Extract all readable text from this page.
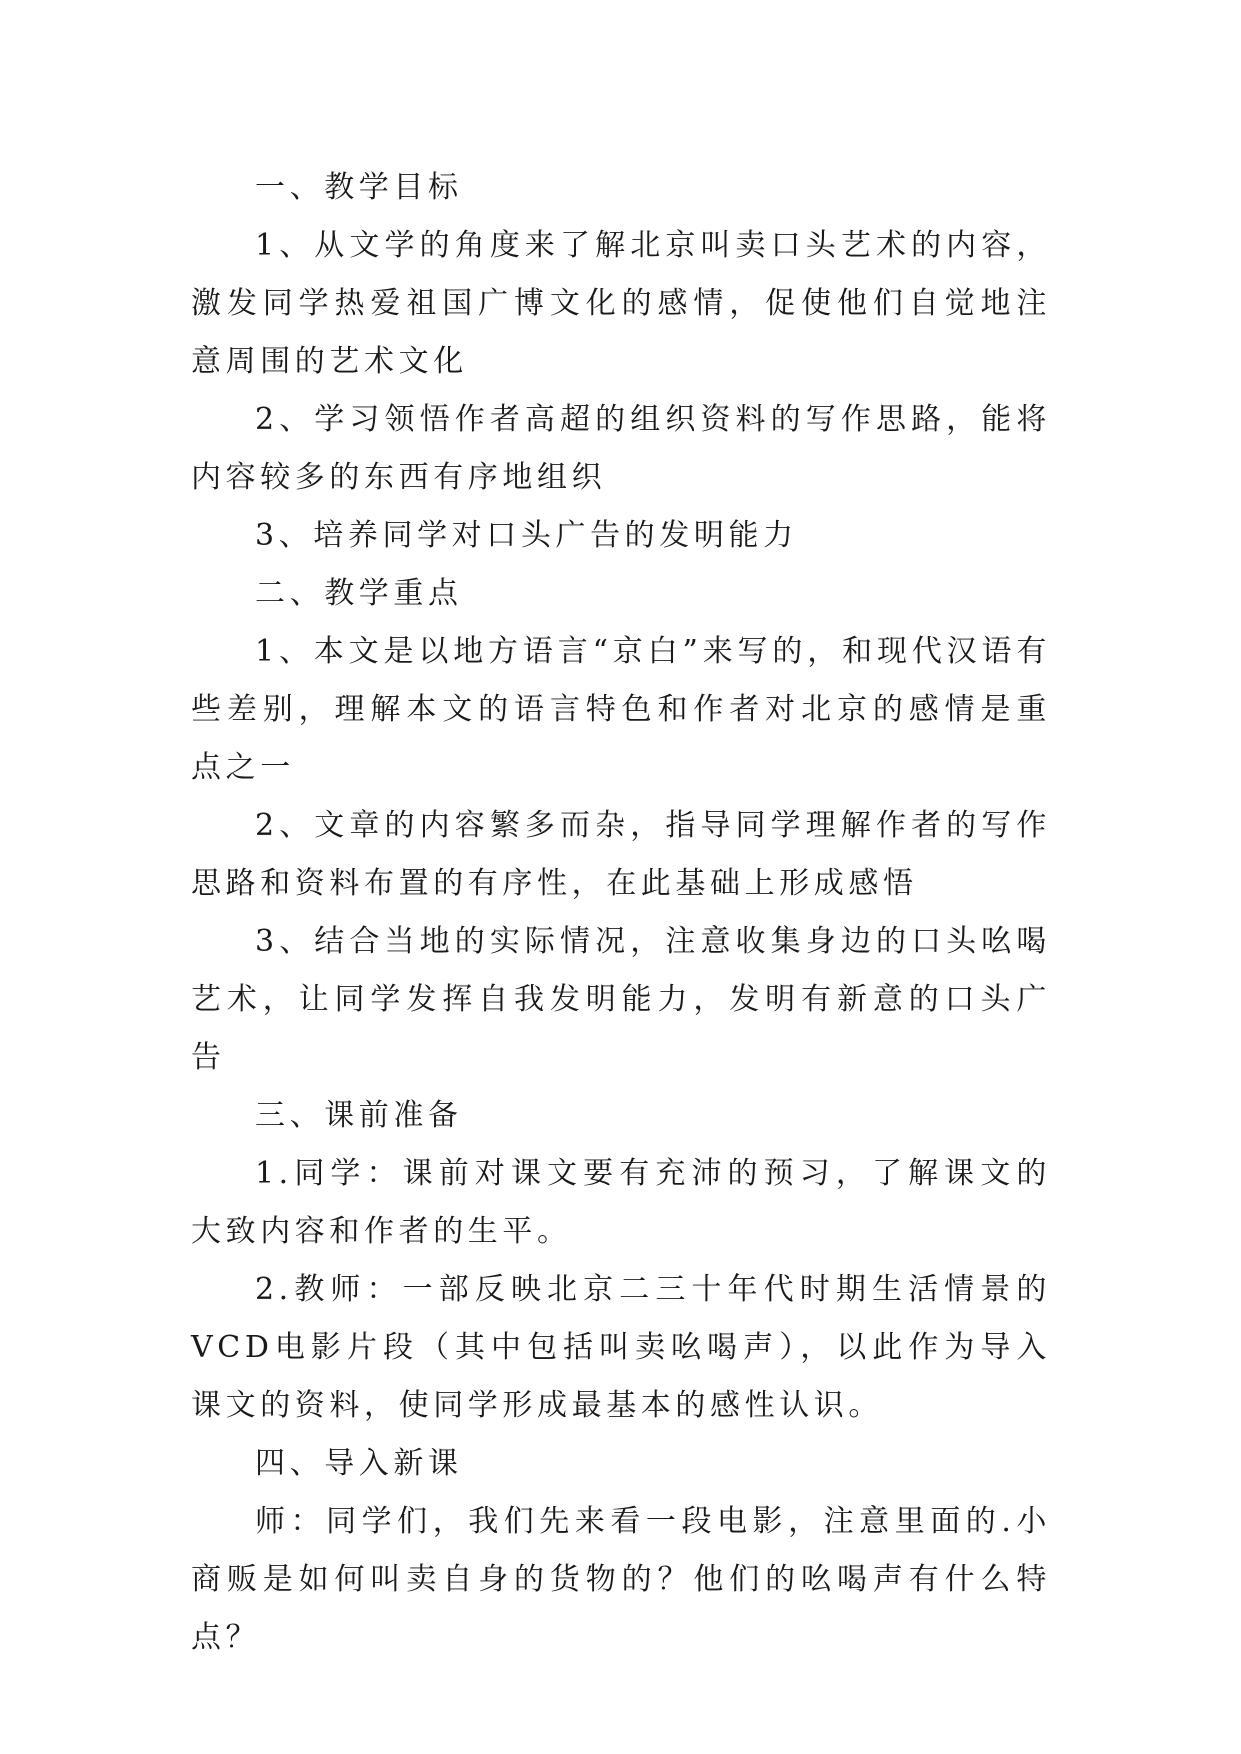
一、教学目标

1、从文学的角度来了解北京叫卖口头艺术的内容，激发同学热爱祖国广博文化的感情，促使他们自觉地注意周围的艺术文化

2、学习领悟作者高超的组织资料的写作思路，能将内容较多的东西有序地组织

3、培养同学对口头广告的发明能力

二、教学重点

1、本文是以地方语言“京白”来写的，和现代汉语有些差别，理解本文的语言特色和作者对北京的感情是重点之一

2、文章的内容繁多而杂，指导同学理解作者的写作思路和资料布置的有序性，在此基础上形成感悟

3、结合当地的实际情况，注意收集身边的口头吆喝艺术，让同学发挥自我发明能力，发明有新意的口头广告

三、课前准备

1.同学：课前对课文要有充沛的预习，了解课文的大致内容和作者的生平。

2.教师：一部反映北京二三十年代时期生活情景的VCD电影片段（其中包括叫卖吆喝声），以此作为导入课文的资料，使同学形成最基本的感性认识。

四、导入新课

师：同学们，我们先来看一段电影，注意里面的.小商贩是如何叫卖自身的货物的？他们的吆喝声有什么特点？
